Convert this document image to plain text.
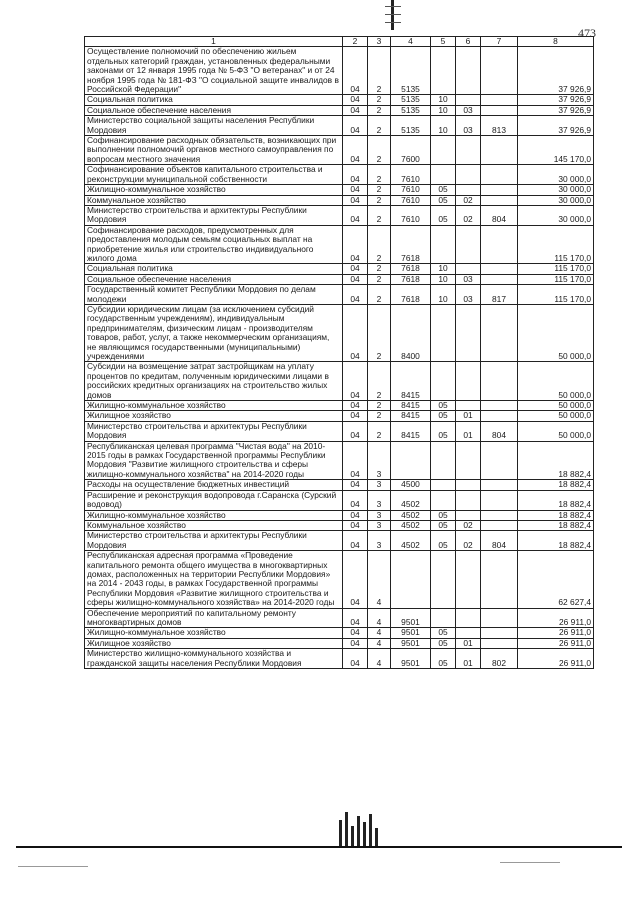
473
1	2	3	4	5	6	7	8
Осуществление полномочий по обеспечению жильем отдельных категорий граждан, установленных федеральными законами от 12 января 1995 года № 5-ФЗ "О ветеранах" и от 24 ноября 1995 года № 181-ФЗ "О социальной защите инвалидов в Российской Федерации"	04	2	5135				37 926,9
Социальная политика	04	2	5135	10			37 926,9
Социальное обеспечение населения	04	2	5135	10	03		37 926,9
Министерство социальной защиты населения Республики Мордовия	04	2	5135	10	03	813	37 926,9
Софинансирование расходных обязательств, возникающих при выполнении полномочий органов местного самоуправления по вопросам местного значения	04	2	7600				145 170,0
Софинансирование объектов капитального строительства и реконструкции муниципальной собственности	04	2	7610				30 000,0
Жилищно-коммунальное хозяйство	04	2	7610	05			30 000,0
Коммунальное хозяйство	04	2	7610	05	02		30 000,0
Министерство строительства и архитектуры Республики Мордовия	04	2	7610	05	02	804	30 000,0
Софинансирование расходов, предусмотренных для предоставления молодым семьям социальных выплат на приобретение жилья или строительство индивидуального жилого дома	04	2	7618				115 170,0
Социальная политика	04	2	7618	10			115 170,0
Социальное обеспечение населения	04	2	7618	10	03		115 170,0
Государственный комитет Республики Мордовия по делам молодежи	04	2	7618	10	03	817	115 170,0
Субсидии юридическим лицам (за исключением субсидий государственным учреждениям), индивидуальным предпринимателям, физическим лицам - производителям товаров, работ, услуг, а также некоммерческим организациям, не являющимся государственными (муниципальными) учреждениями	04	2	8400				50 000,0
Субсидии на возмещение затрат застройщикам на уплату процентов по кредитам, полученным юридическими лицами в российских кредитных организациях на строительство жилых домов	04	2	8415				50 000,0
Жилищно-коммунальное хозяйство	04	2	8415	05			50 000,0
Жилищное хозяйство	04	2	8415	05	01		50 000,0
Министерство строительства и архитектуры Республики Мордовия	04	2	8415	05	01	804	50 000,0
Республиканская целевая программа "Чистая вода" на 2010-2015 годы в рамках Государственной программы Республики Мордовия "Развитие жилищного строительства и сферы жилищно-коммунального хозяйства" на 2014-2020 годы	04	3					18 882,4
Расходы на осуществление бюджетных инвестиций	04	3	4500				18 882,4
Расширение и реконструкция водопровода г.Саранска (Сурский водовод)	04	3	4502				18 882,4
Жилищно-коммунальное хозяйство	04	3	4502	05			18 882,4
Коммунальное хозяйство	04	3	4502	05	02		18 882,4
Министерство строительства и архитектуры Республики Мордовия	04	3	4502	05	02	804	18 882,4
Республиканская адресная программа «Проведение капитального ремонта общего имущества в многоквартирных домах, расположенных на территории Республики Мордовия» на 2014 - 2043 годы, в рамках Государственной программы Республики Мордовия «Развитие жилищного строительства и сферы жилищно-коммунального хозяйства» на 2014-2020 годы	04	4					62 627,4
Обеспечение мероприятий по капитальному ремонту многоквартирных домов	04	4	9501				26 911,0
Жилищно-коммунальное хозяйство	04	4	9501	05			26 911,0
Жилищное хозяйство	04	4	9501	05	01		26 911,0
Министерство жилищно-коммунального хозяйства и гражданской защиты населения Республики Мордовия	04	4	9501	05	01	802	26 911,0
